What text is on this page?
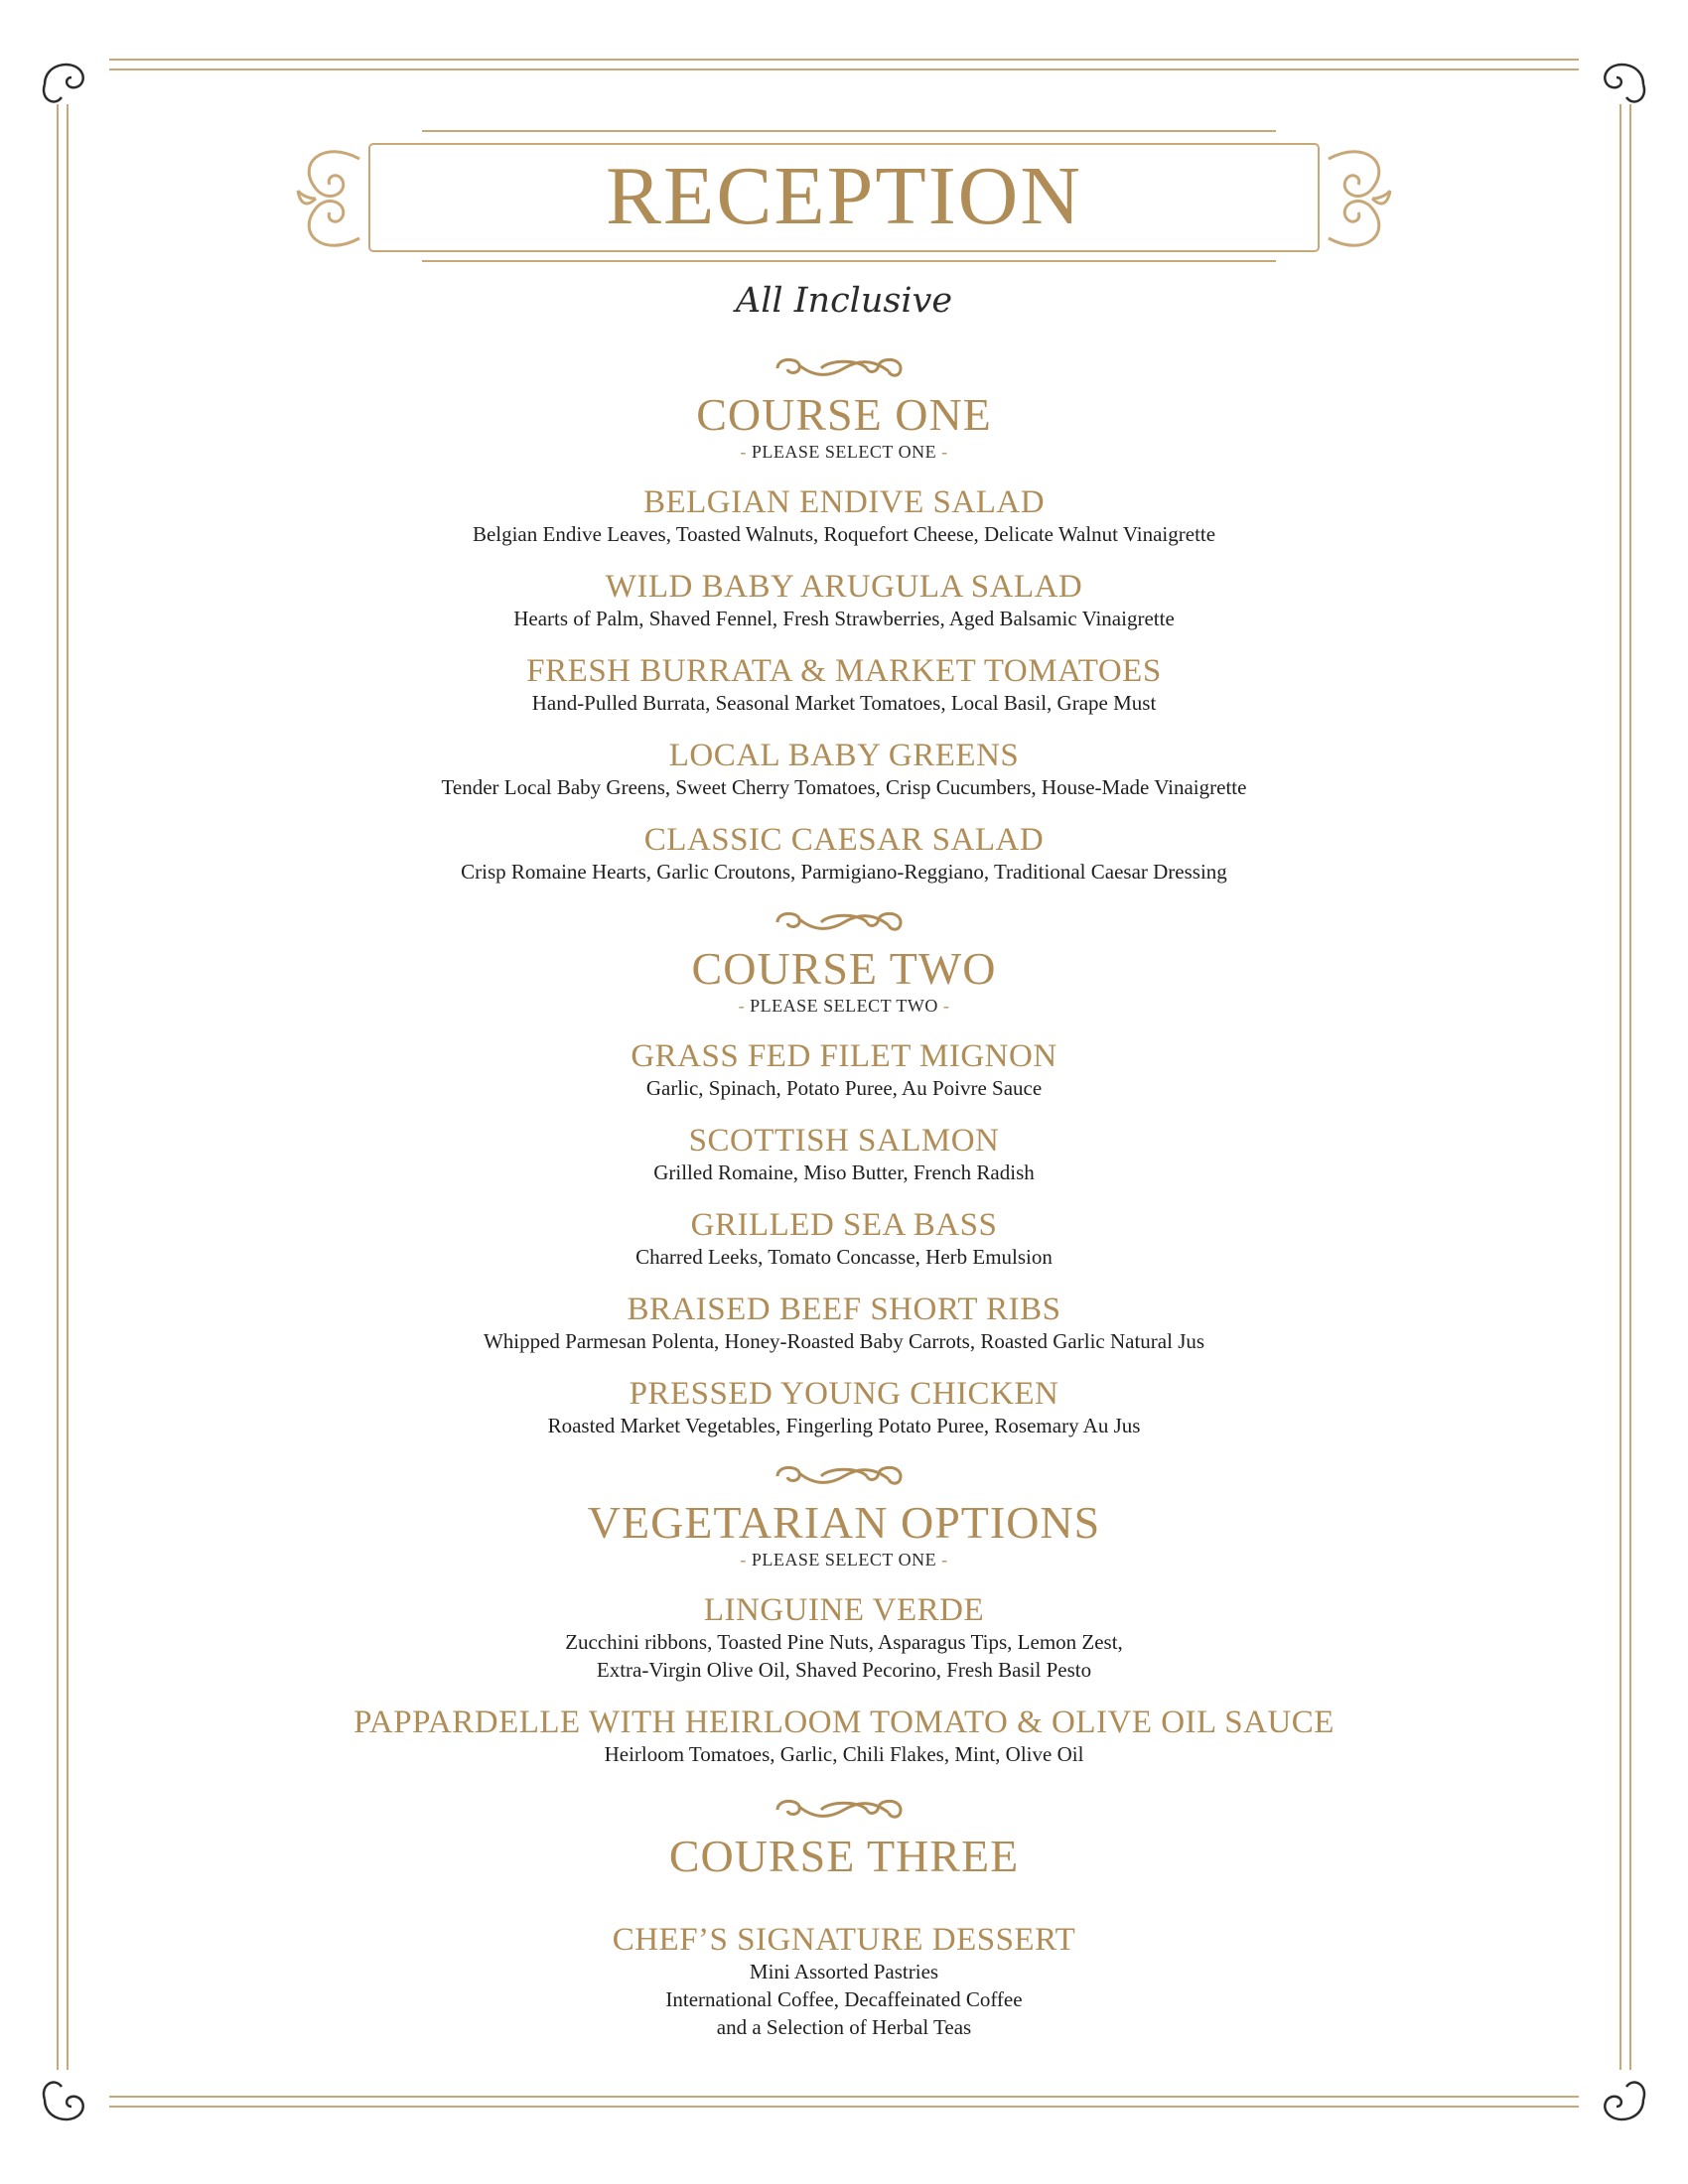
RECEPTION
All Inclusive
COURSE ONE
- PLEASE SELECT ONE -
BELGIAN ENDIVE SALAD
Belgian Endive Leaves, Toasted Walnuts, Roquefort Cheese, Delicate Walnut Vinaigrette
WILD BABY ARUGULA SALAD
Hearts of Palm, Shaved Fennel, Fresh Strawberries, Aged Balsamic Vinaigrette
FRESH BURRATA & MARKET TOMATOES
Hand-Pulled Burrata, Seasonal Market Tomatoes, Local Basil, Grape Must
LOCAL BABY GREENS
Tender Local Baby Greens, Sweet Cherry Tomatoes, Crisp Cucumbers, House-Made Vinaigrette
CLASSIC CAESAR SALAD
Crisp Romaine Hearts, Garlic Croutons, Parmigiano-Reggiano, Traditional Caesar Dressing
COURSE TWO
- PLEASE SELECT TWO -
GRASS FED FILET MIGNON
Garlic, Spinach, Potato Puree, Au Poivre Sauce
SCOTTISH SALMON
Grilled Romaine, Miso Butter, French Radish
GRILLED SEA BASS
Charred Leeks, Tomato Concasse, Herb Emulsion
BRAISED BEEF SHORT RIBS
Whipped Parmesan Polenta, Honey-Roasted Baby Carrots, Roasted Garlic Natural Jus
PRESSED YOUNG CHICKEN
Roasted Market Vegetables, Fingerling Potato Puree, Rosemary Au Jus
VEGETARIAN OPTIONS
- PLEASE SELECT ONE -
LINGUINE VERDE
Zucchini ribbons, Toasted Pine Nuts, Asparagus Tips, Lemon Zest,
Extra-Virgin Olive Oil, Shaved Pecorino, Fresh Basil Pesto
PAPPARDELLE WITH HEIRLOOM TOMATO & OLIVE OIL SAUCE
Heirloom Tomatoes, Garlic, Chili Flakes, Mint, Olive Oil
COURSE THREE
CHEF’S SIGNATURE DESSERT
Mini Assorted Pastries
International Coffee, Decaffeinated Coffee
and a Selection of Herbal Teas
